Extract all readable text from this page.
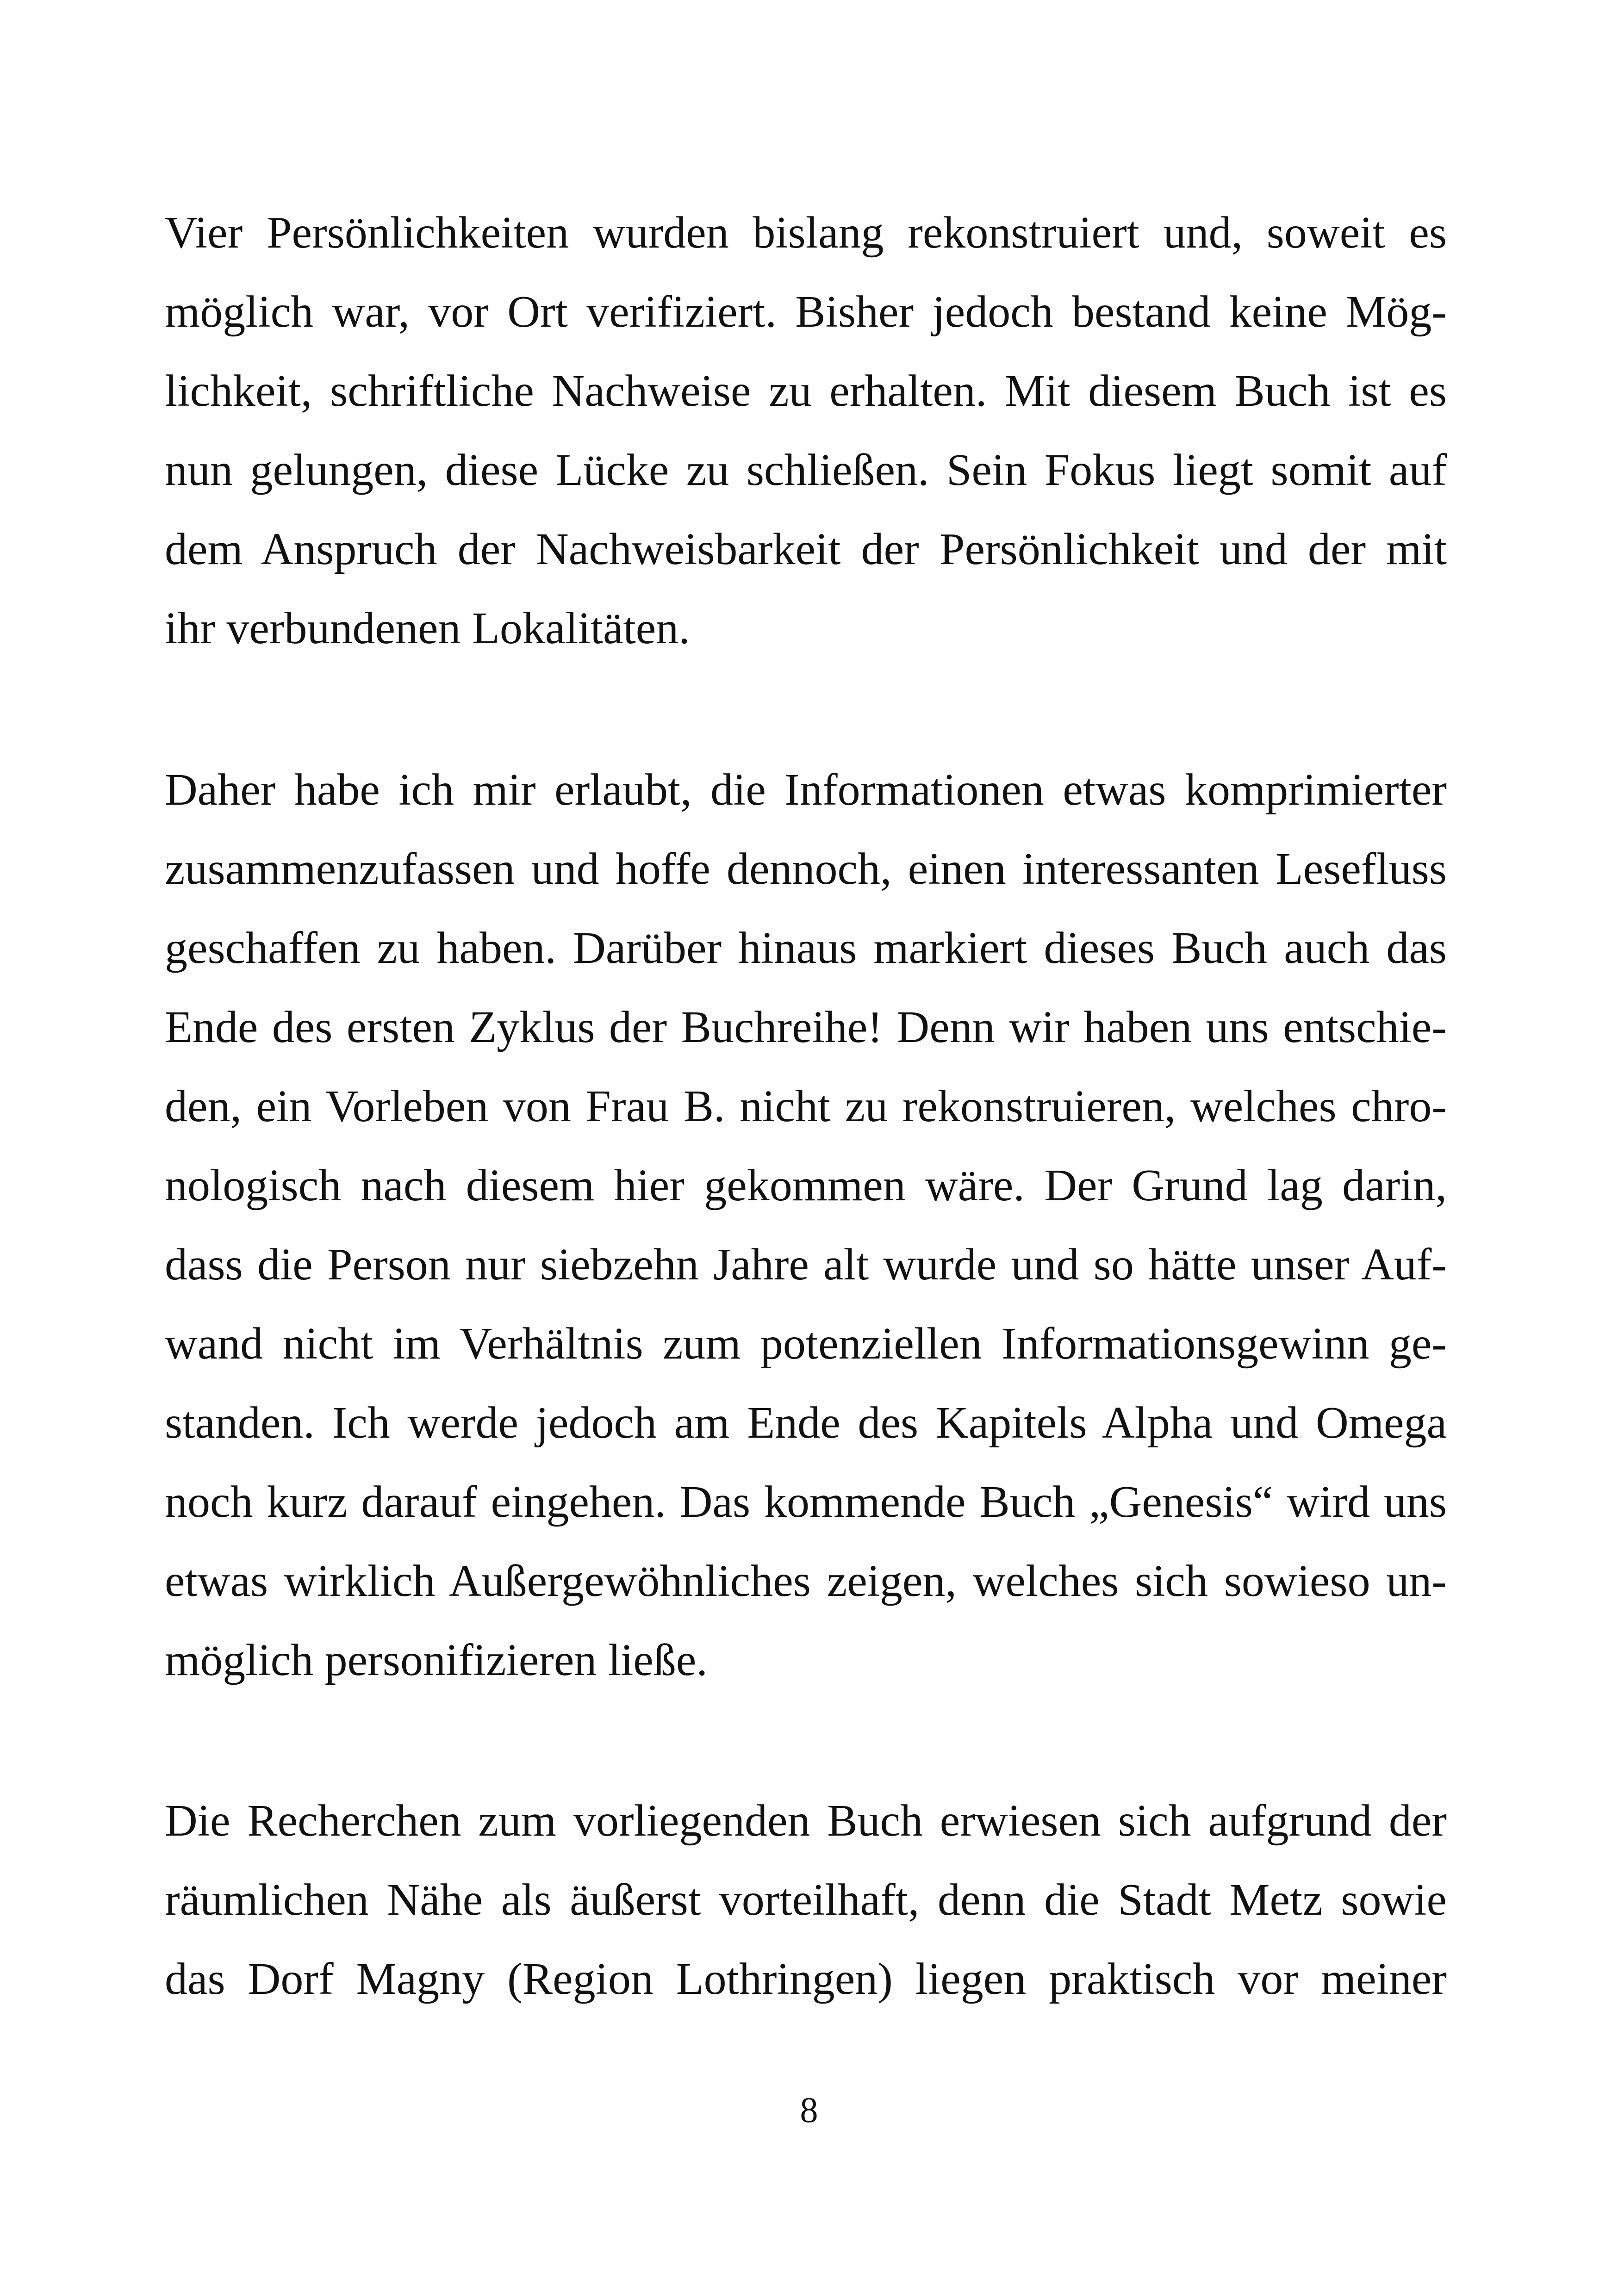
Vier Persönlichkeiten wurden bislang rekonstruiert und, soweit es
möglich war, vor Ort verifiziert. Bisher jedoch bestand keine Mög-
lichkeit, schriftliche Nachweise zu erhalten. Mit diesem Buch ist es
nun gelungen, diese Lücke zu schließen. Sein Fokus liegt somit auf
dem Anspruch der Nachweisbarkeit der Persönlichkeit und der mit
ihr verbundenen Lokalitäten.

Daher habe ich mir erlaubt, die Informationen etwas komprimierter
zusammenzufassen und hoffe dennoch, einen interessanten Lesefluss
geschaffen zu haben. Darüber hinaus markiert dieses Buch auch das
Ende des ersten Zyklus der Buchreihe! Denn wir haben uns entschie-
den, ein Vorleben von Frau B. nicht zu rekonstruieren, welches chro-
nologisch nach diesem hier gekommen wäre. Der Grund lag darin,
dass die Person nur siebzehn Jahre alt wurde und so hätte unser Auf-
wand nicht im Verhältnis zum potenziellen Informationsgewinn ge-
standen. Ich werde jedoch am Ende des Kapitels Alpha und Omega
noch kurz darauf eingehen. Das kommende Buch „Genesis“ wird uns
etwas wirklich Außergewöhnliches zeigen, welches sich sowieso un-
möglich personifizieren ließe.

Die Recherchen zum vorliegenden Buch erwiesen sich aufgrund der
räumlichen Nähe als äußerst vorteilhaft, denn die Stadt Metz sowie
das Dorf Magny (Region Lothringen) liegen praktisch vor meiner

8
